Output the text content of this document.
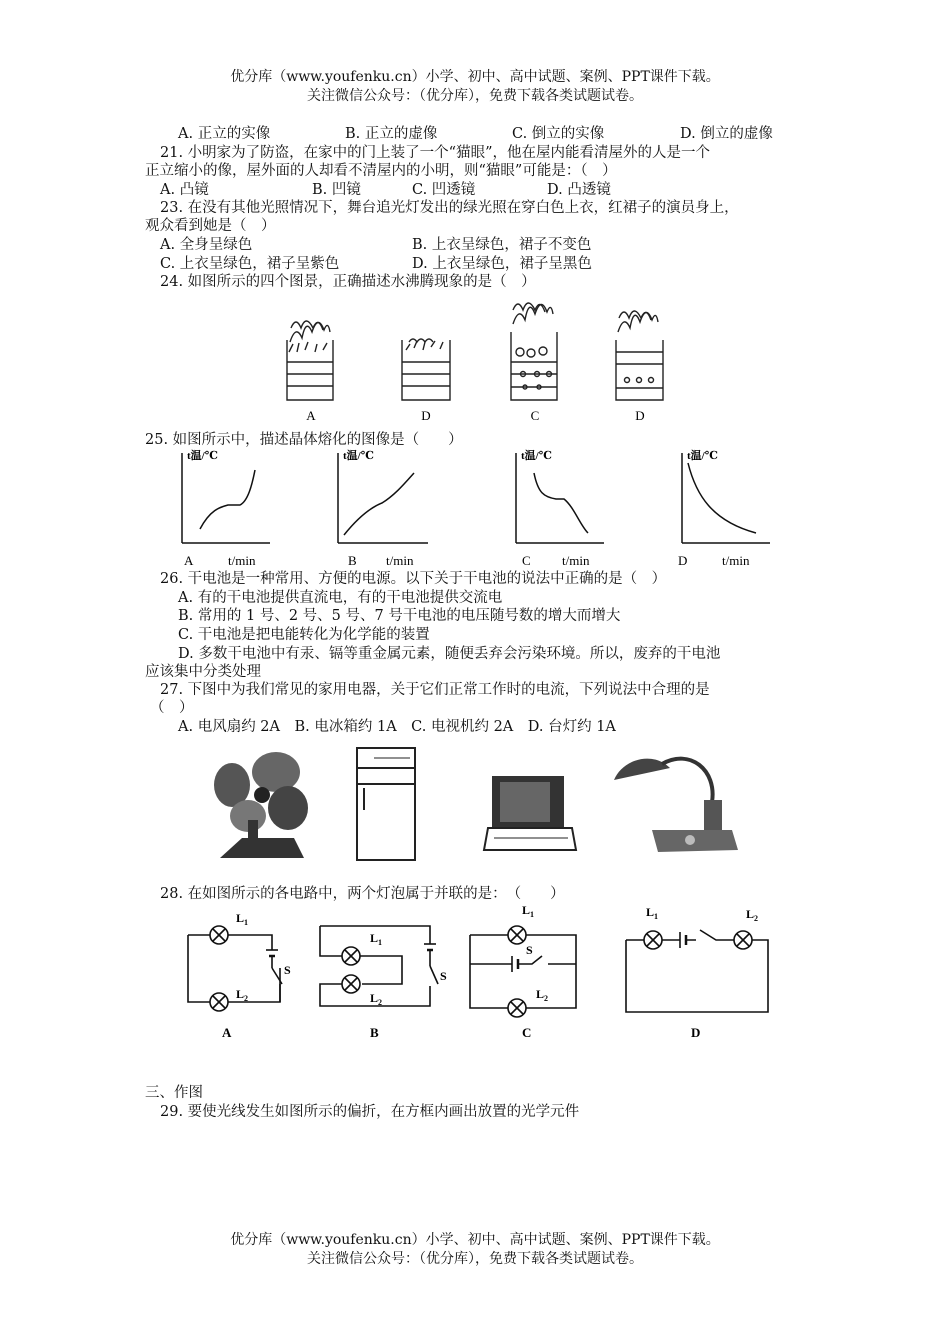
优分库（www.youfenku.cn）小学、初中、高中试题、案例、PPT课件下载。
关注微信公众号：（优分库），免费下载各类试题试卷。
A. 正立的实像	B. 正立的虚像	C. 倒立的实像	D. 倒立的虚像
21. 小明家为了防盗，在家中的门上装了一个“猫眼”，他在屋内能看清屋外的人是一个
正立缩小的像，屋外面的人却看不清屋内的小明，则“猫眼”可能是：（　）
A. 凸镜	B. 凹镜	C. 凹透镜	D. 凸透镜
23. 在没有其他光照情况下，舞台追光灯发出的绿光照在穿白色上衣，红裙子的演员身上，
观众看到她是（　）
A. 全身呈绿色	B. 上衣呈绿色，裙子不变色
C. 上衣呈绿色，裙子呈紫色	D. 上衣呈绿色，裙子呈黑色
24. 如图所示的四个图景，正确描述水沸腾现象的是（　）
A	D	C	D
25. 如图所示中，描述晶体熔化的图像是（　　）
t温/℃	t温/℃	t温/℃	t温/℃
A	t/min	B t/min	C t/min	D	t/min
26. 干电池是一种常用、方便的电源。以下关于干电池的说法中正确的是（　）
A. 有的干电池提供直流电，有的干电池提供交流电
B. 常用的 1 号、2 号、5 号、7 号干电池的电压随号数的增大而增大
C. 干电池是把电能转化为化学能的装置
D. 多数干电池中有汞、镉等重金属元素，随便丢弃会污染环境。所以，废弃的干电池
应该集中分类处理
27. 下图中为我们常见的家用电器，关于它们正常工作时的电流，下列说法中合理的是
（　）
A. 电风扇约 2A　B. 电冰箱约 1A　C. 电视机约 2A　D. 台灯约 1A
28. 在如图所示的各电路中，两个灯泡属于并联的是：　（　　）
$L_1$
$L_2$
S
$L_1$
$L_2$
S
$L_1$
S
$L_2$
$L_1$	$L_2$
A	B	C	D
三、作图
29. 要使光线发生如图所示的偏折，在方框内画出放置的光学元件
优分库（www.youfenku.cn）小学、初中、高中试题、案例、PPT课件下载。
关注微信公众号：（优分库），免费下载各类试题试卷。
